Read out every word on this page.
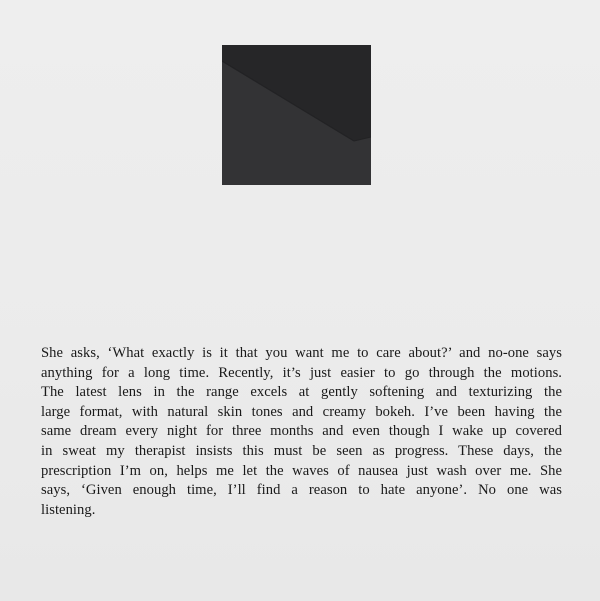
She asks, ‘What exactly is it that you want me to care about?’ and no-one says
anything for a long time. Recently, it’s just easier to go through the motions.
The latest lens in the range excels at gently softening and texturizing the
large format, with natural skin tones and creamy bokeh. I’ve been having the
same dream every night for three months and even though I wake up covered
in sweat my therapist insists this must be seen as progress. These days, the
prescription I’m on, helps me let the waves of nausea just wash over me. She
says, ‘Given enough time, I’ll find a reason to hate anyone’. No one was
listening.
